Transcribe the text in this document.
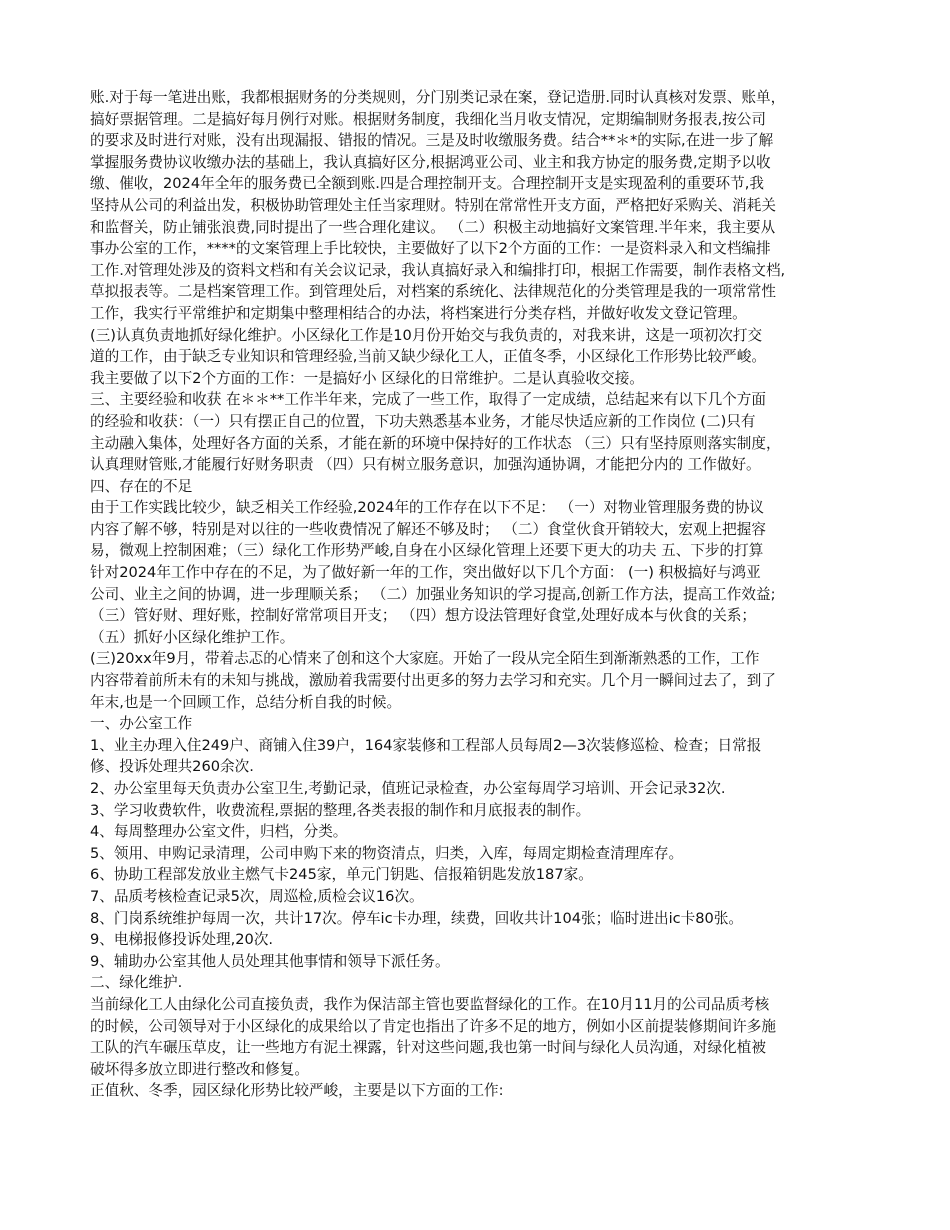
账.对于每一笔进出账，我都根据财务的分类规则，分门别类记录在案，登记造册.同时认真核对发票、账单，
搞好票据管理。二是搞好每月例行对账。根据财务制度，我细化当月收支情况，定期编制财务报表,按公司
的要求及时进行对账，没有出现漏报、错报的情况。三是及时收缴服务费。结合**＊*的实际,在进一步了解
掌握服务费协议收缴办法的基础上，我认真搞好区分,根据鸿亚公司、业主和我方协定的服务费,定期予以收
缴、催收，2024年全年的服务费已全额到账.四是合理控制开支。合理控制开支是实现盈利的重要环节,我
坚持从公司的利益出发，积极协助管理处主任当家理财。特别在常常性开支方面，严格把好采购关、消耗关
和监督关，防止铺张浪费,同时提出了一些合理化建议。 （二）积极主动地搞好文案管理.半年来，我主要从
事办公室的工作，****的文案管理上手比较快，主要做好了以下2个方面的工作：一是资料录入和文档编排
工作.对管理处涉及的资料文档和有关会议记录，我认真搞好录入和编排打印，根据工作需要，制作表格文档,
草拟报表等。二是档案管理工作。到管理处后，对档案的系统化、法律规范化的分类管理是我的一项常常性
工作，我实行平常维护和定期集中整理相结合的办法，将档案进行分类存档，并做好收发文登记管理。
(三)认真负责地抓好绿化维护。小区绿化工作是10月份开始交与我负责的，对我来讲，这是一项初次打交
道的工作，由于缺乏专业知识和管理经验,当前又缺少绿化工人，正值冬季，小区绿化工作形势比较严峻。
我主要做了以下2个方面的工作：一是搞好小 区绿化的日常维护。二是认真验收交接。
三、主要经验和收获 在＊＊**工作半年来，完成了一些工作，取得了一定成绩，总结起来有以下几个方面
的经验和收获：（一）只有摆正自己的位置，下功夫熟悉基本业务，才能尽快适应新的工作岗位 (二)只有
主动融入集体，处理好各方面的关系，才能在新的环境中保持好的工作状态 （三）只有坚持原则落实制度，
认真理财管账,才能履行好财务职责 （四）只有树立服务意识，加强沟通协调，才能把分内的 工作做好。
四、存在的不足
由于工作实践比较少，缺乏相关工作经验,2024年的工作存在以下不足： （一）对物业管理服务费的协议
内容了解不够，特别是对以往的一些收费情况了解还不够及时； （二）食堂伙食开销较大，宏观上把握容
易，微观上控制困难；（三）绿化工作形势严峻,自身在小区绿化管理上还要下更大的功夫 五、下步的打算
针对2024年工作中存在的不足，为了做好新一年的工作，突出做好以下几个方面： (一) 积极搞好与鸿亚
公司、业主之间的协调，进一步理顺关系； （二）加强业务知识的学习提高,创新工作方法，提高工作效益;
（三）管好财、理好账，控制好常常项目开支； （四）想方设法管理好食堂,处理好成本与伙食的关系；
（五）抓好小区绿化维护工作。
(三)20xx年9月，带着忐忑的心情来了创和这个大家庭。开始了一段从完全陌生到渐渐熟悉的工作，工作
内容带着前所未有的未知与挑战，激励着我需要付出更多的努力去学习和充实。几个月一瞬间过去了，到了
年末,也是一个回顾工作，总结分析自我的时候。
一、办公室工作
1、业主办理入住249户、商铺入住39户，164家装修和工程部人员每周2—3次装修巡检、检查；日常报
修、投诉处理共260余次.
2、办公室里每天负责办公室卫生,考勤记录，值班记录检查，办公室每周学习培训、开会记录32次.
3、学习收费软件，收费流程,票据的整理,各类表报的制作和月底报表的制作。
4、每周整理办公室文件，归档，分类。
5、领用、申购记录清理，公司申购下来的物资清点，归类，入库，每周定期检查清理库存。
6、协助工程部发放业主燃气卡245家，单元门钥匙、信报箱钥匙发放187家。
7、品质考核检查记录5次，周巡检,质检会议16次。
8、门岗系统维护每周一次，共计17次。停车ic卡办理，续费，回收共计104张；临时进出ic卡80张。
9、电梯报修投诉处理,20次.
9、辅助办公室其他人员处理其他事情和领导下派任务。
二、绿化维护.
当前绿化工人由绿化公司直接负责，我作为保洁部主管也要监督绿化的工作。在10月11月的公司品质考核
的时候，公司领导对于小区绿化的成果给以了肯定也指出了许多不足的地方，例如小区前提装修期间许多施
工队的汽车碾压草皮，让一些地方有泥土裸露，针对这些问题,我也第一时间与绿化人员沟通，对绿化植被
破坏得多放立即进行整改和修复。
正值秋、冬季，园区绿化形势比较严峻，主要是以下方面的工作:
